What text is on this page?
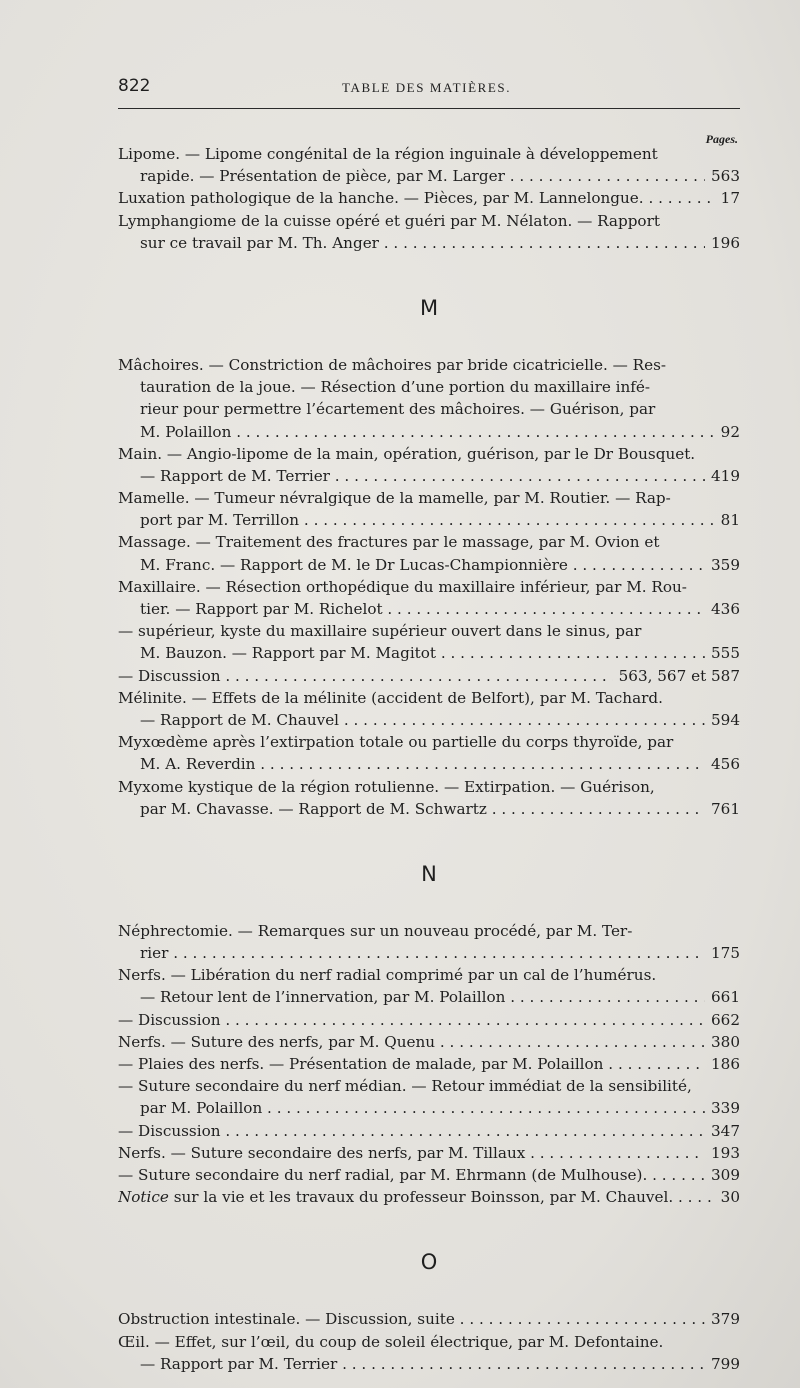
822	TABLE DES MATIÈRES.
Pages.
Lipome. — Lipome congénital de la région inguinale à développement
rapide. — Présentation de pièce, par M. Larger . . .	563
Luxation pathologique de la hanche. — Pièces, par M. Lannelongue. . . .	17
Lymphangiome de la cuisse opéré et guéri par M. Nélaton. — Rapport
sur ce travail par M. Th. Anger . . .	196
M
Mâchoires. — Constriction de mâchoires par bride cicatricielle. — Res-
tauration de la joue. — Résection d’une portion du maxillaire infé-
rieur pour permettre l’écartement des mâchoires. — Guérison, par
M. Polaillon . . .	92
Main. — Angio-lipome de la main, opération, guérison, par le Dr Bousquet.
— Rapport de M. Terrier . . .	419
Mamelle. — Tumeur névralgique de la mamelle, par M. Routier. — Rap-
port par M. Terrillon . . .	81
Massage. — Traitement des fractures par le massage, par M. Ovion et
M. Franc. — Rapport de M. le Dr Lucas-Championnière . . .	359
Maxillaire. — Résection orthopédique du maxillaire inférieur, par M. Rou-
tier. — Rapport par M. Richelot . . .	436
— supérieur, kyste du maxillaire supérieur ouvert dans le sinus, par
M. Bauzon. — Rapport par M. Magitot . . .	555
— Discussion . . .	563, 567 et 587
Mélinite. — Effets de la mélinite (accident de Belfort), par M. Tachard.
— Rapport de M. Chauvel . . .	594
Myxœdème après l’extirpation totale ou partielle du corps thyroïde, par
M. A. Reverdin . . .	456
Myxome kystique de la région rotulienne. — Extirpation. — Guérison,
par M. Chavasse. — Rapport de M. Schwartz . . .	761
N
Néphrectomie. — Remarques sur un nouveau procédé, par M. Ter-
rier . . .	175
Nerfs. — Libération du nerf radial comprimé par un cal de l’humérus.
— Retour lent de l’innervation, par M. Polaillon . . .	661
— Discussion . . .	662
Nerfs. — Suture des nerfs, par M. Quenu . . .	380
— Plaies des nerfs. — Présentation de malade, par M. Polaillon . . .	186
— Suture secondaire du nerf médian. — Retour immédiat de la sensibilité,
par M. Polaillon . . .	339
— Discussion . . .	347
Nerfs. — Suture secondaire des nerfs, par M. Tillaux . . .	193
— Suture secondaire du nerf radial, par M. Ehrmann (de Mulhouse). . . .	309
Notice sur la vie et les travaux du professeur Boinsson, par M. Chauvel. . . .	30
O
Obstruction intestinale. — Discussion, suite . . .	379
Œil. — Effet, sur l’œil, du coup de soleil électrique, par M. Defontaine.
— Rapport par M. Terrier . . .	799
